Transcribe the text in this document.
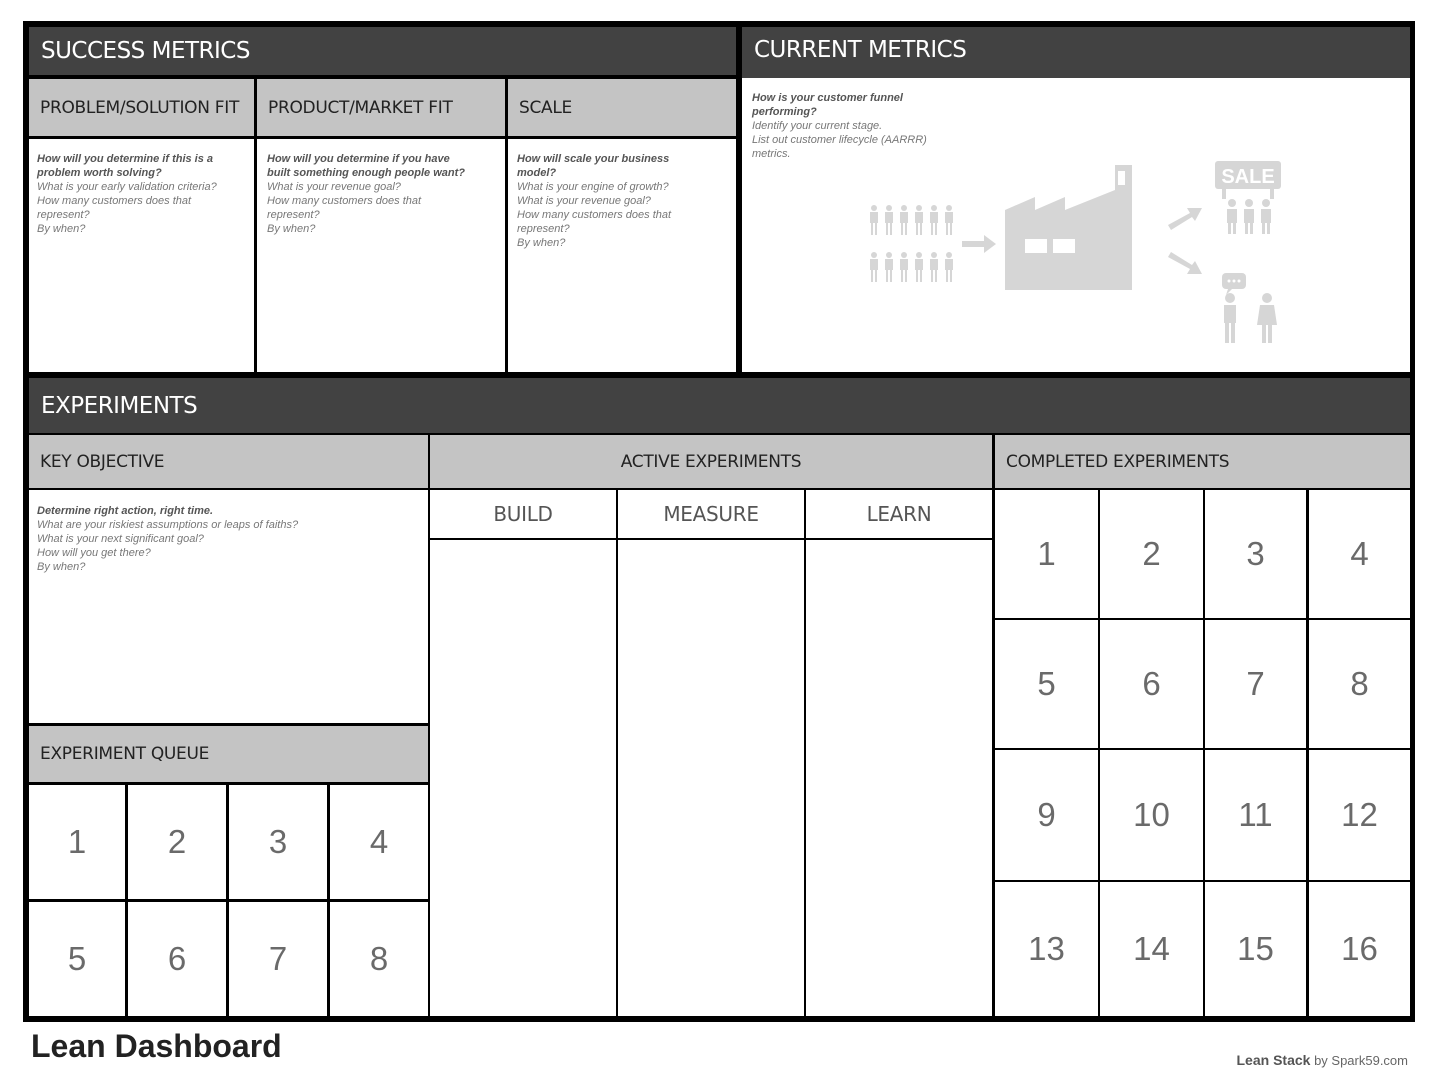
SUCCESS METRICS
PROBLEM/SOLUTION FIT	PRODUCT/MARKET FIT	SCALE
How will you determine if this is a problem worth solving?
What is your early validation criteria?
How many customers does that represent?
By when?
How will you determine if you have built something enough people want?
What is your revenue goal?
How many customers does that represent?
By when?
How will scale your business model?
What is your engine of growth?
What is your revenue goal?
How many customers does that represent?
By when?
CURRENT METRICS
How is your customer funnel performing?
Identify your current stage.
List out customer lifecycle (AARRR) metrics.
SALE
EXPERIMENTS
KEY OBJECTIVE	ACTIVE EXPERIMENTS	COMPLETED EXPERIMENTS
Determine right action, right time.
What are your riskiest assumptions or leaps of faiths?
What is your next significant goal?
How will you get there?
By when?
EXPERIMENT QUEUE
BUILD	MEASURE	LEARN
1	2	3	4
5	6	7	8
1	2	3	4
5	6	7	8
9	10	11	12
13	14	15	16
Lean Dashboard	Lean Stack by Spark59.com
